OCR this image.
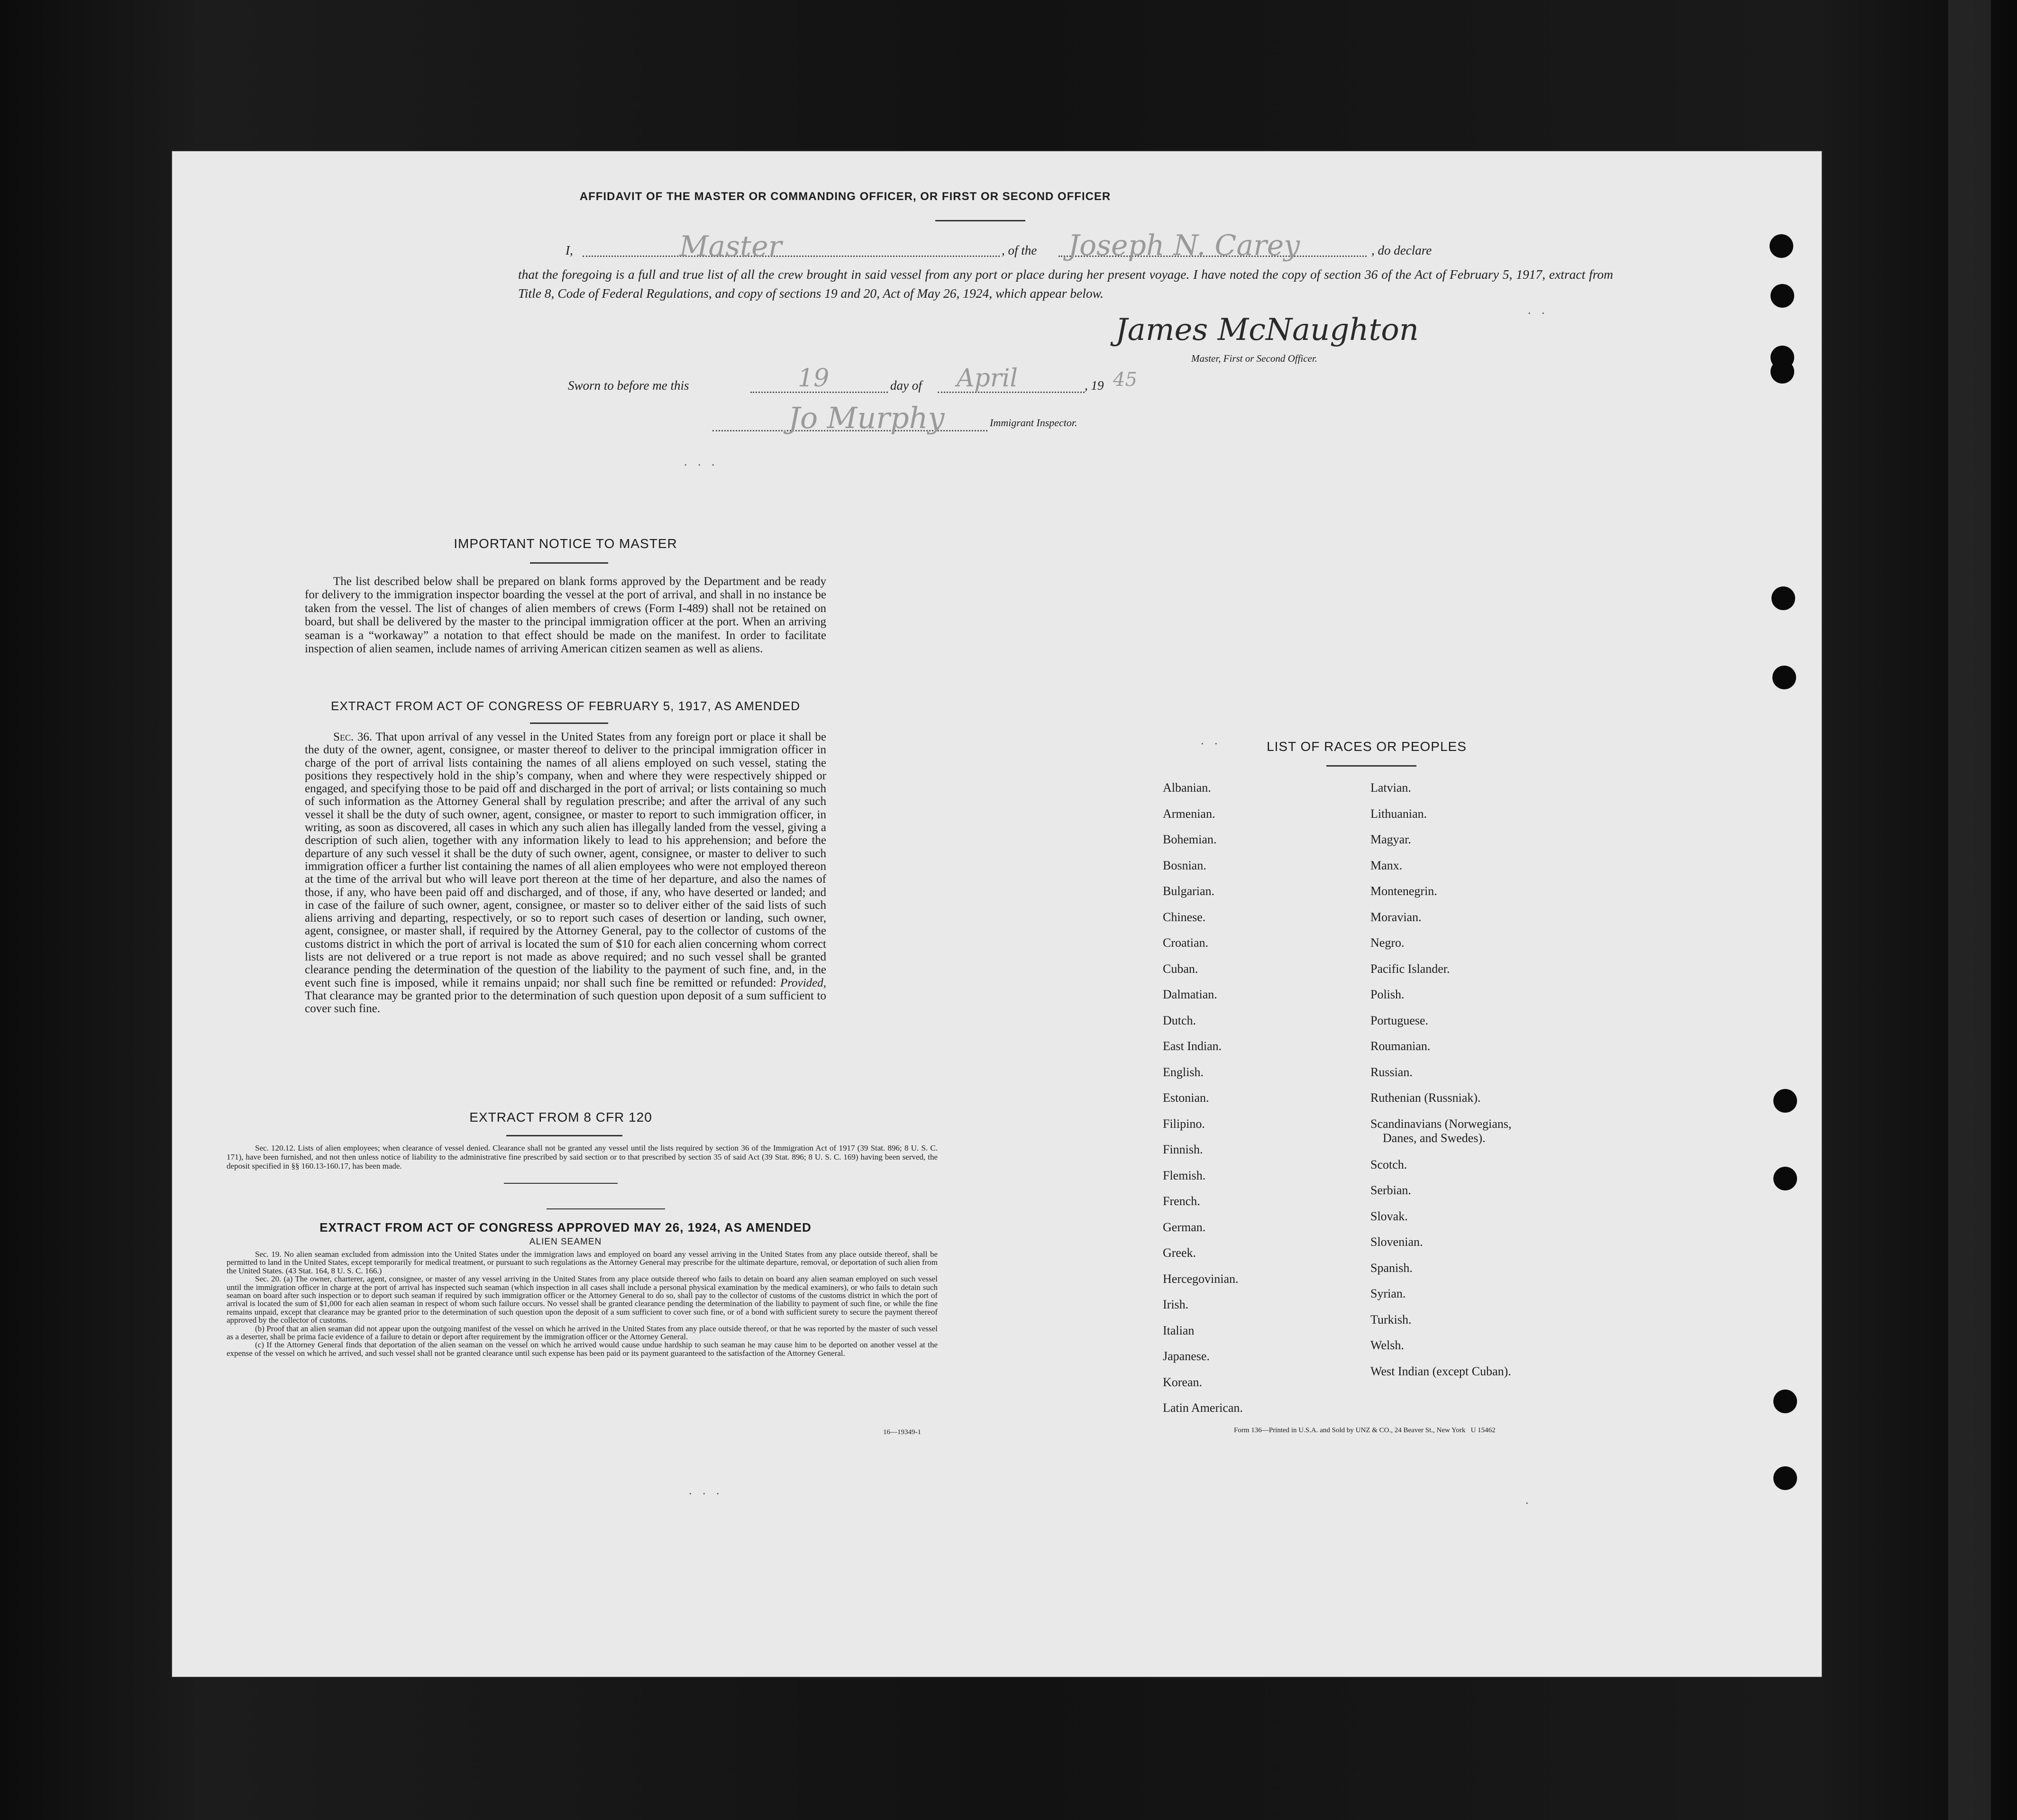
AFFIDAVIT OF THE MASTER OR COMMANDING OFFICER, OR FIRST OR SECOND OFFICER
I,	Master	, of the Joseph N. Carey	, do declare
that the foregoing is a full and true list of all the crew brought in said vessel from any port or place during her present voyage. I have noted the copy of section 36 of the Act of February 5, 1917, extract from Title 8, Code of Federal Regulations, and copy of sections 19 and 20, Act of May 26, 1924, which appear below.
James McNaughton
Master, First or Second Officer.
Sworn to before me this	19	day of April	, 19 45
Jo Murphy	Immigrant Inspector.
. . .
. .
IMPORTANT NOTICE TO MASTER
The list described below shall be prepared on blank forms approved by the Department and be ready for delivery to the immigration inspector boarding the vessel at the port of arrival, and shall in no instance be taken from the vessel. The list of changes of alien members of crews (Form I-489) shall not be retained on board, but shall be delivered by the master to the principal immigration officer at the port. When an arriving seaman is a “workaway” a notation to that effect should be made on the manifest. In order to facilitate inspection of alien seamen, include names of arriving American citizen seamen as well as aliens.
EXTRACT FROM ACT OF CONGRESS OF FEBRUARY 5, 1917, AS AMENDED
Sec. 36. That upon arrival of any vessel in the United States from any foreign port or place it shall be the duty of the owner, agent, consignee, or master thereof to deliver to the principal immigration officer in charge of the port of arrival lists containing the names of all aliens employed on such vessel, stating the positions they respectively hold in the ship’s company, when and where they were respectively shipped or engaged, and specifying those to be paid off and discharged in the port of arrival; or lists containing so much of such information as the Attorney General shall by regulation prescribe; and after the arrival of any such vessel it shall be the duty of such owner, agent, consignee, or master to report to such immigration officer, in writing, as soon as discovered, all cases in which any such alien has illegally landed from the vessel, giving a description of such alien, together with any information likely to lead to his apprehension; and before the departure of any such vessel it shall be the duty of such owner, agent, consignee, or master to deliver to such immigration officer a further list containing the names of all alien employees who were not employed thereon at the time of the arrival but who will leave port thereon at the time of her departure, and also the names of those, if any, who have been paid off and discharged, and of those, if any, who have deserted or landed; and in case of the failure of such owner, agent, consignee, or master so to deliver either of the said lists of such aliens arriving and departing, respectively, or so to report such cases of desertion or landing, such owner, agent, consignee, or master shall, if required by the Attorney General, pay to the collector of customs of the customs district in which the port of arrival is located the sum of $10 for each alien concerning whom correct lists are not delivered or a true report is not made as above required; and no such vessel shall be granted clearance pending the determination of the question of the liability to the payment of such fine, and, in the event such fine is imposed, while it remains unpaid; nor shall such fine be remitted or refunded: Provided, That clearance may be granted prior to the determination of such question upon deposit of a sum sufficient to cover such fine.
EXTRACT FROM 8 CFR 120
Sec. 120.12. Lists of alien employees; when clearance of vessel denied. Clearance shall not be granted any vessel until the lists required by section 36 of the Immigration Act of 1917 (39 Stat. 896; 8 U. S. C. 171), have been furnished, and not then unless notice of liability to the administrative fine prescribed by said section or to that prescribed by section 35 of said Act (39 Stat. 896; 8 U. S. C. 169) having been served, the deposit specified in §§ 160.13-160.17, has been made.
EXTRACT FROM ACT OF CONGRESS APPROVED MAY 26, 1924, AS AMENDED
ALIEN SEAMEN
Sec. 19. No alien seaman excluded from admission into the United States under the immigration laws and employed on board any vessel arriving in the United States from any place outside thereof, shall be permitted to land in the United States, except temporarily for medical treatment, or pursuant to such regulations as the Attorney General may prescribe for the ultimate departure, removal, or deportation of such alien from the United States. (43 Stat. 164, 8 U. S. C. 166.)
Sec. 20. (a) The owner, charterer, agent, consignee, or master of any vessel arriving in the United States from any place outside thereof who fails to detain on board any alien seaman employed on such vessel until the immigration officer in charge at the port of arrival has inspected such seaman (which inspection in all cases shall include a personal physical examination by the medical examiners), or who fails to detain such seaman on board after such inspection or to deport such seaman if required by such immigration officer or the Attorney General to do so, shall pay to the collector of customs of the customs district in which the port of arrival is located the sum of $1,000 for each alien seaman in respect of whom such failure occurs. No vessel shall be granted clearance pending the determination of the liability to payment of such fine, or while the fine remains unpaid, except that clearance may be granted prior to the determination of such question upon the deposit of a sum sufficient to cover such fine, or of a bond with sufficient surety to secure the payment thereof approved by the collector of customs.
(b) Proof that an alien seaman did not appear upon the outgoing manifest of the vessel on which he arrived in the United States from any place outside thereof, or that he was reported by the master of such vessel as a deserter, shall be prima facie evidence of a failure to detain or deport after requirement by the immigration officer or the Attorney General.
(c) If the Attorney General finds that deportation of the alien seaman on the vessel on which he arrived would cause undue hardship to such seaman he may cause him to be deported on another vessel at the expense of the vessel on which he arrived, and such vessel shall not be granted clearance until such expense has been paid or its payment guaranteed to the satisfaction of the Attorney General.
16—19349-1
. . .
LIST OF RACES OR PEOPLES
Albanian.
Armenian.
Bohemian.
Bosnian.
Bulgarian.
Chinese.
Croatian.
Cuban.
Dalmatian.
Dutch.
East Indian.
English.
Estonian.
Filipino.
Finnish.
Flemish.
French.
German.
Greek.
Hercegovinian.
Irish.
Italian
Japanese.
Korean.
Latin American.
Latvian.
Lithuanian.
Magyar.
Manx.
Montenegrin.
Moravian.
Negro.
Pacific Islander.
Polish.
Portuguese.
Roumanian.
Russian.
Ruthenian (Russniak).
Scandinavians (Norwegians,
Danes, and Swedes).
Scotch.
Serbian.
Slovak.
Slovenian.
Spanish.
Syrian.
Turkish.
Welsh.
West Indian (except Cuban).
Form 136—Printed in U.S.A. and Sold by UNZ & CO., 24 Beaver St., New York   U 15462
. .
.
